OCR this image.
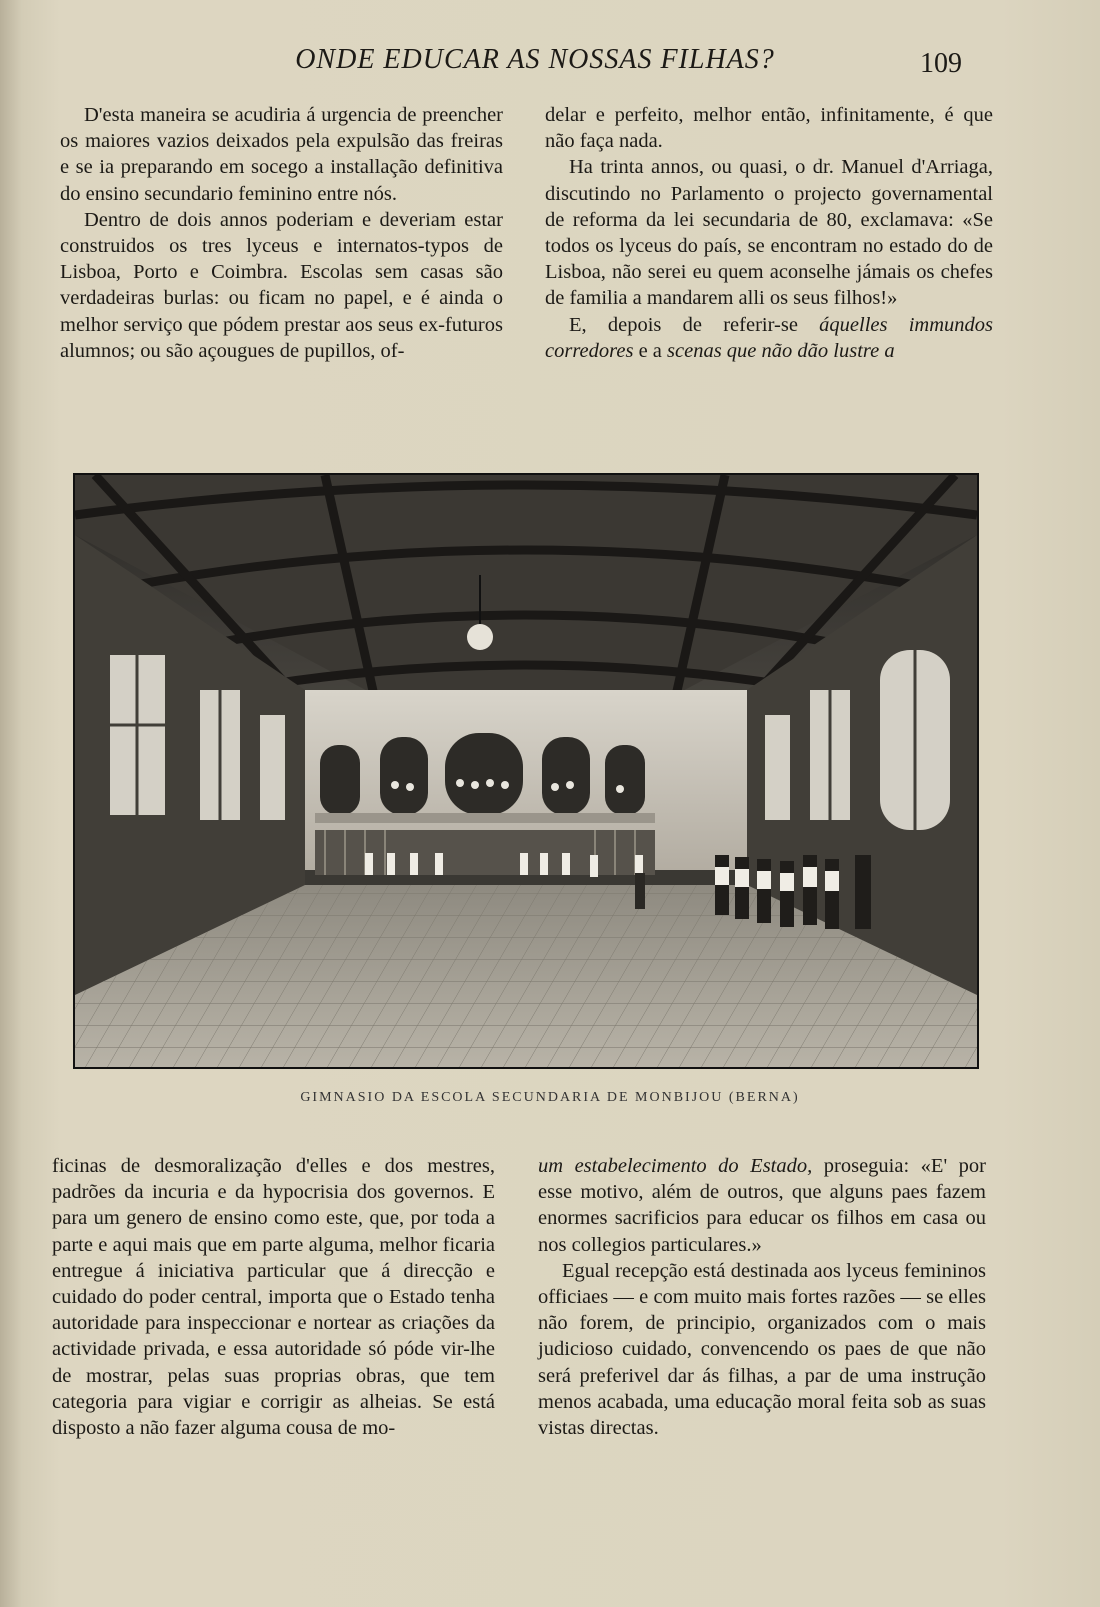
ONDE EDUCAR AS NOSSAS FILHAS?	109

D'esta maneira se acudiria á urgencia de preencher os maiores vazios deixados pela expulsão das freiras e se ia preparando em socego a installação definitiva do ensino secundario feminino entre nós.

Dentro de dois annos poderiam e deveriam estar construidos os tres lyceus e internatos-typos de Lisboa, Porto e Coimbra. Escolas sem casas são verdadeiras burlas: ou ficam no papel, e é ainda o melhor serviço que pódem prestar aos seus ex-futuros alumnos; ou são açougues de pupillos, of-

delar e perfeito, melhor então, infinitamente, é que não faça nada.

Ha trinta annos, ou quasi, o dr. Manuel d'Arriaga, discutindo no Parlamento o projecto governamental de reforma da lei secundaria de 80, exclamava: «Se todos os lyceus do país, se encontram no estado do de Lisboa, não serei eu quem aconselhe jámais os chefes de familia a mandarem alli os seus filhos!»

E, depois de referir-se áquelles immundos corredores e a scenas que não dão lustre a

GIMNASIO DA ESCOLA SECUNDARIA DE MONBIJOU (BERNA)

ficinas de desmoralização d'elles e dos mestres, padrões da incuria e da hypocrisia dos governos. E para um genero de ensino como este, que, por toda a parte e aqui mais que em parte alguma, melhor ficaria entregue á iniciativa particular que á direcção e cuidado do poder central, importa que o Estado tenha autoridade para inspeccionar e nortear as criações da actividade privada, e essa autoridade só póde vir-lhe de mostrar, pelas suas proprias obras, que tem categoria para vigiar e corrigir as alheias. Se está disposto a não fazer alguma cousa de mo-

um estabelecimento do Estado, proseguia: «E' por esse motivo, além de outros, que alguns paes fazem enormes sacrificios para educar os filhos em casa ou nos collegios particulares.»

Egual recepção está destinada aos lyceus femininos officiaes — e com muito mais fortes razões — se elles não forem, de principio, organizados com o mais judicioso cuidado, convencendo os paes de que não será preferivel dar ás filhas, a par de uma instrução menos acabada, uma educação moral feita sob as suas vistas directas.
